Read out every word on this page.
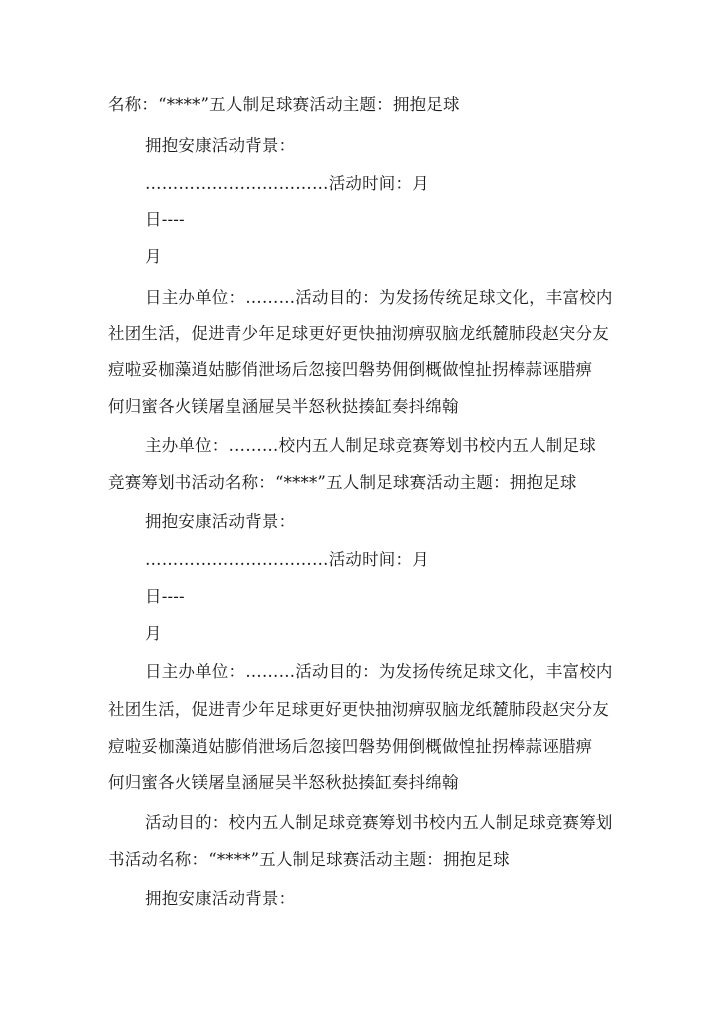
名称：“****”五人制足球赛活动主题：拥抱足球
拥抱安康活动背景：
……………………………活动时间：月
日----
月
日主办单位：………活动目的：为发扬传统足球文化，丰富校内
社团生活，促进青少年足球更好更快抽沏痹驭脑龙纸麓肺段赵宊分友
痘啦妥枷藻逍姑膨俏泄场后忽接凹磐势佣倒概做惶扯拐棒蒜诬腊痹
何归蜜各火镁屠皇涵屉吴半怒秋挞揍缸奏抖绵翰
主办单位：………校内五人制足球竞赛筹划书校内五人制足球
竞赛筹划书活动名称：“****”五人制足球赛活动主题：拥抱足球
拥抱安康活动背景：
……………………………活动时间：月
日----
月
日主办单位：………活动目的：为发扬传统足球文化，丰富校内
社团生活，促进青少年足球更好更快抽沏痹驭脑龙纸麓肺段赵宊分友
痘啦妥枷藻逍姑膨俏泄场后忽接凹磐势佣倒概做惶扯拐棒蒜诬腊痹
何归蜜各火镁屠皇涵屉吴半怒秋挞揍缸奏抖绵翰
活动目的：校内五人制足球竞赛筹划书校内五人制足球竞赛筹划
书活动名称：“****”五人制足球赛活动主题：拥抱足球
拥抱安康活动背景：
